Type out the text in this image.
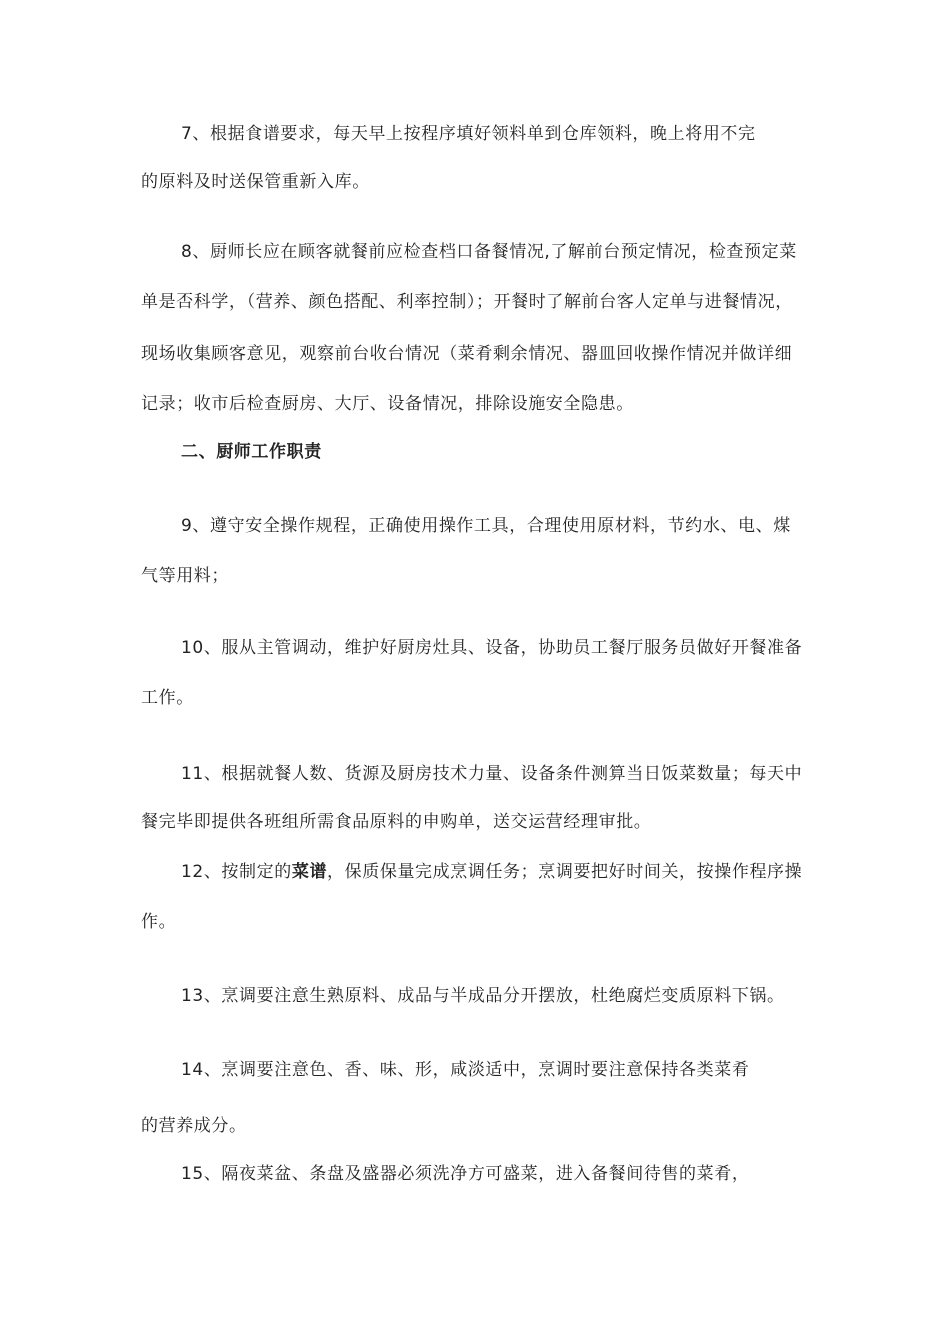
7、根据食谱要求，每天早上按程序填好领料单到仓库领料，晚上将用不完
的原料及时送保管重新入库。
8、厨师长应在顾客就餐前应检查档口备餐情况,了解前台预定情况，检查预定菜
单是否科学，（营养、颜色搭配、利率控制）；开餐时了解前台客人定单与进餐情况，
现场收集顾客意见，观察前台收台情况（菜肴剩余情况、器皿回收操作情况并做详细
记录；收市后检查厨房、大厅、设备情况，排除设施安全隐患。
二、厨师工作职责
9、遵守安全操作规程，正确使用操作工具，合理使用原材料，节约水、电、煤
气等用料；
10、服从主管调动，维护好厨房灶具、设备，协助员工餐厅服务员做好开餐准备
工作。
11、根据就餐人数、货源及厨房技术力量、设备条件测算当日饭菜数量；每天中
餐完毕即提供各班组所需食品原料的申购单，送交运营经理审批。
12、按制定的菜谱，保质保量完成烹调任务；烹调要把好时间关，按操作程序操
作。
13、烹调要注意生熟原料、成品与半成品分开摆放，杜绝腐烂变质原料下锅。
14、烹调要注意色、香、味、形，咸淡适中，烹调时要注意保持各类菜肴
的营养成分。
15、隔夜菜盆、条盘及盛器必须洗净方可盛菜，进入备餐间待售的菜肴，
